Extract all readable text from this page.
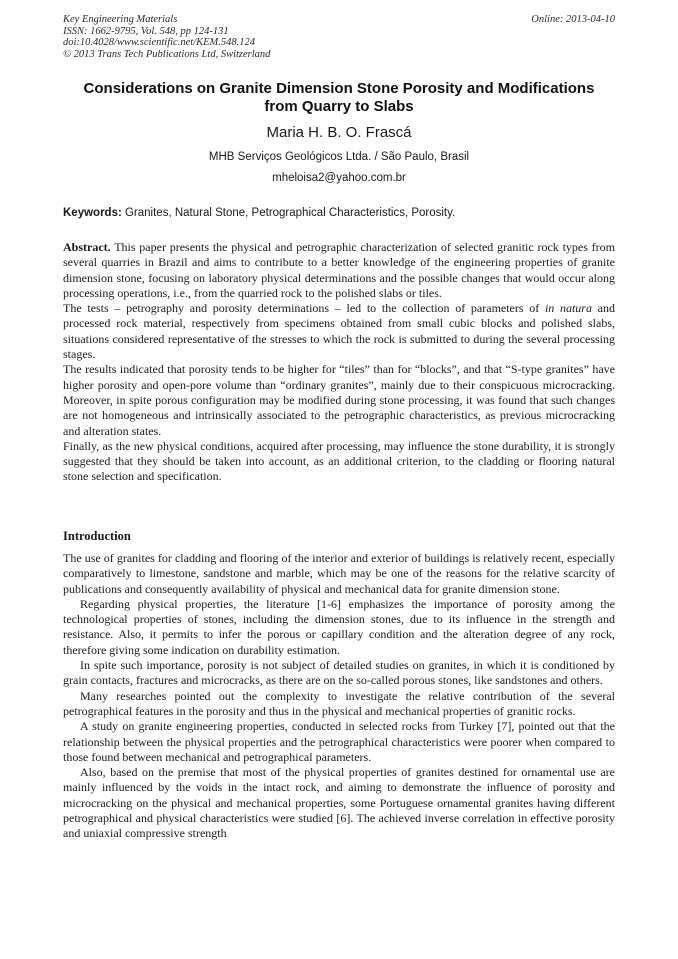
Key Engineering Materials
ISSN: 1662-9795, Vol. 548, pp 124-131
doi:10.4028/www.scientific.net/KEM.548.124
© 2013 Trans Tech Publications Ltd, Switzerland
Online: 2013-04-10
Considerations on Granite Dimension Stone Porosity and Modifications
from Quarry to Slabs
Maria H. B. O. Frascá
MHB Serviços Geológicos Ltda. / São Paulo, Brasil
mheloisa2@yahoo.com.br
Keywords: Granites, Natural Stone, Petrographical Characteristics, Porosity.

Abstract. This paper presents the physical and petrographic characterization of selected granitic rock types from several quarries in Brazil and aims to contribute to a better knowledge of the engineering properties of granite dimension stone, focusing on laboratory physical determinations and the possible changes that would occur along processing operations, i.e., from the quarried rock to the polished slabs or tiles.

The tests – petrography and porosity determinations – led to the collection of parameters of in natura and processed rock material, respectively from specimens obtained from small cubic blocks and polished slabs, situations considered representative of the stresses to which the rock is submitted to during the several processing stages.

The results indicated that porosity tends to be higher for “tiles” than for “blocks”, and that “S-type granites” have higher porosity and open-pore volume than “ordinary granites”, mainly due to their conspicuous microcracking. Moreover, in spite porous configuration may be modified during stone processing, it was found that such changes are not homogeneous and intrinsically associated to the petrographic characteristics, as previous microcracking and alteration states.

Finally, as the new physical conditions, acquired after processing, may influence the stone durability, it is strongly suggested that they should be taken into account, as an additional criterion, to the cladding or flooring natural stone selection and specification.

Introduction

The use of granites for cladding and flooring of the interior and exterior of buildings is relatively recent, especially comparatively to limestone, sandstone and marble, which may be one of the reasons for the relative scarcity of publications and consequently availability of physical and mechanical data for granite dimension stone.

Regarding physical properties, the literature [1-6] emphasizes the importance of porosity among the technological properties of stones, including the dimension stones, due to its influence in the strength and resistance. Also, it permits to infer the porous or capillary condition and the alteration degree of any rock, therefore giving some indication on durability estimation.

In spite such importance, porosity is not subject of detailed studies on granites, in which it is conditioned by grain contacts, fractures and microcracks, as there are on the so-called porous stones, like sandstones and others.

Many researches pointed out the complexity to investigate the relative contribution of the several petrographical features in the porosity and thus in the physical and mechanical properties of granitic rocks.

A study on granite engineering properties, conducted in selected rocks from Turkey [7], pointed out that the relationship between the physical properties and the petrographical characteristics were poorer when compared to those found between mechanical and petrographical parameters.

Also, based on the premise that most of the physical properties of granites destined for ornamental use are mainly influenced by the voids in the intact rock, and aiming to demonstrate the influence of porosity and microcracking on the physical and mechanical properties, some Portuguese ornamental granites having different petrographical and physical characteristics were studied [6]. The achieved inverse correlation in effective porosity and uniaxial compressive strength
